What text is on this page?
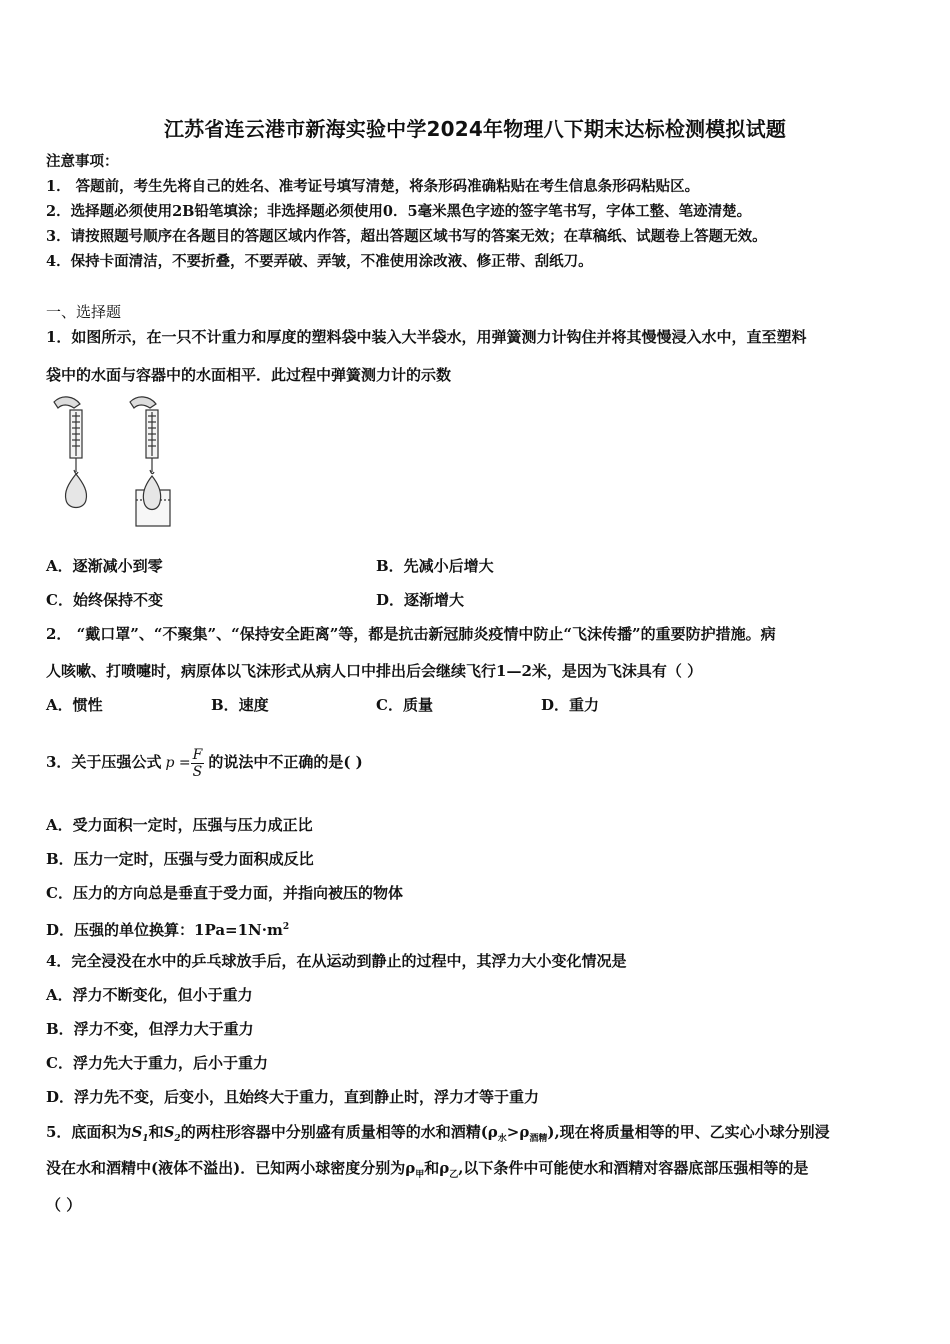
江苏省连云港市新海实验中学2024年物理八下期末达标检测模拟试题
注意事项：
1． 答题前，考生先将自己的姓名、准考证号填写清楚，将条形码准确粘贴在考生信息条形码粘贴区。
2．选择题必须使用2B铅笔填涂；非选择题必须使用0．5毫米黑色字迹的签字笔书写，字体工整、笔迹清楚。
3．请按照题号顺序在各题目的答题区域内作答，超出答题区域书写的答案无效；在草稿纸、试题卷上答题无效。
4．保持卡面清洁，不要折叠，不要弄破、弄皱，不准使用涂改液、修正带、刮纸刀。
一、选择题
1．如图所示，在一只不计重力和厚度的塑料袋中装入大半袋水，用弹簧测力计钩住并将其慢慢浸入水中，直至塑料
袋中的水面与容器中的水面相平．此过程中弹簧测力计的示数
A．逐渐减小到零	B．先减小后增大
C．始终保持不变	D．逐渐增大
2． “戴口罩”、“不聚集”、“保持安全距离”等，都是抗击新冠肺炎疫情中防止“飞沫传播”的重要防护措施。病
人咳嗽、打喷嚏时，病原体以飞沫形式从病人口中排出后会继续飞行1—2米，是因为飞沫具有（ ）
A．惯性	B．速度	C．质量	D．重力
3．关于压强公式 $p = \frac{F}{S}$ 的说法中不正确的是( )
A．受力面积一定时，压强与压力成正比
B．压力一定时，压强与受力面积成反比
C．压力的方向总是垂直于受力面，并指向被压的物体
D．压强的单位换算：$1Pa=1N\cdot m^2$
4．完全浸没在水中的乒乓球放手后，在从运动到静止的过程中，其浮力大小变化情况是
A．浮力不断变化，但小于重力
B．浮力不变，但浮力大于重力
C．浮力先大于重力，后小于重力
D．浮力先不变，后变小，且始终大于重力，直到静止时，浮力才等于重力
5．底面积为$S_1$和$S_2$的两柱形容器中分别盛有质量相等的水和酒精$(\rho_水>\rho_{酒精})$,现在将质量相等的甲、乙实心小球分别浸
没在水和酒精中(液体不溢出)．已知两小球密度分别为$\rho_甲$和$\rho_乙$,以下条件中可能使水和酒精对容器底部压强相等的是
（ ）
